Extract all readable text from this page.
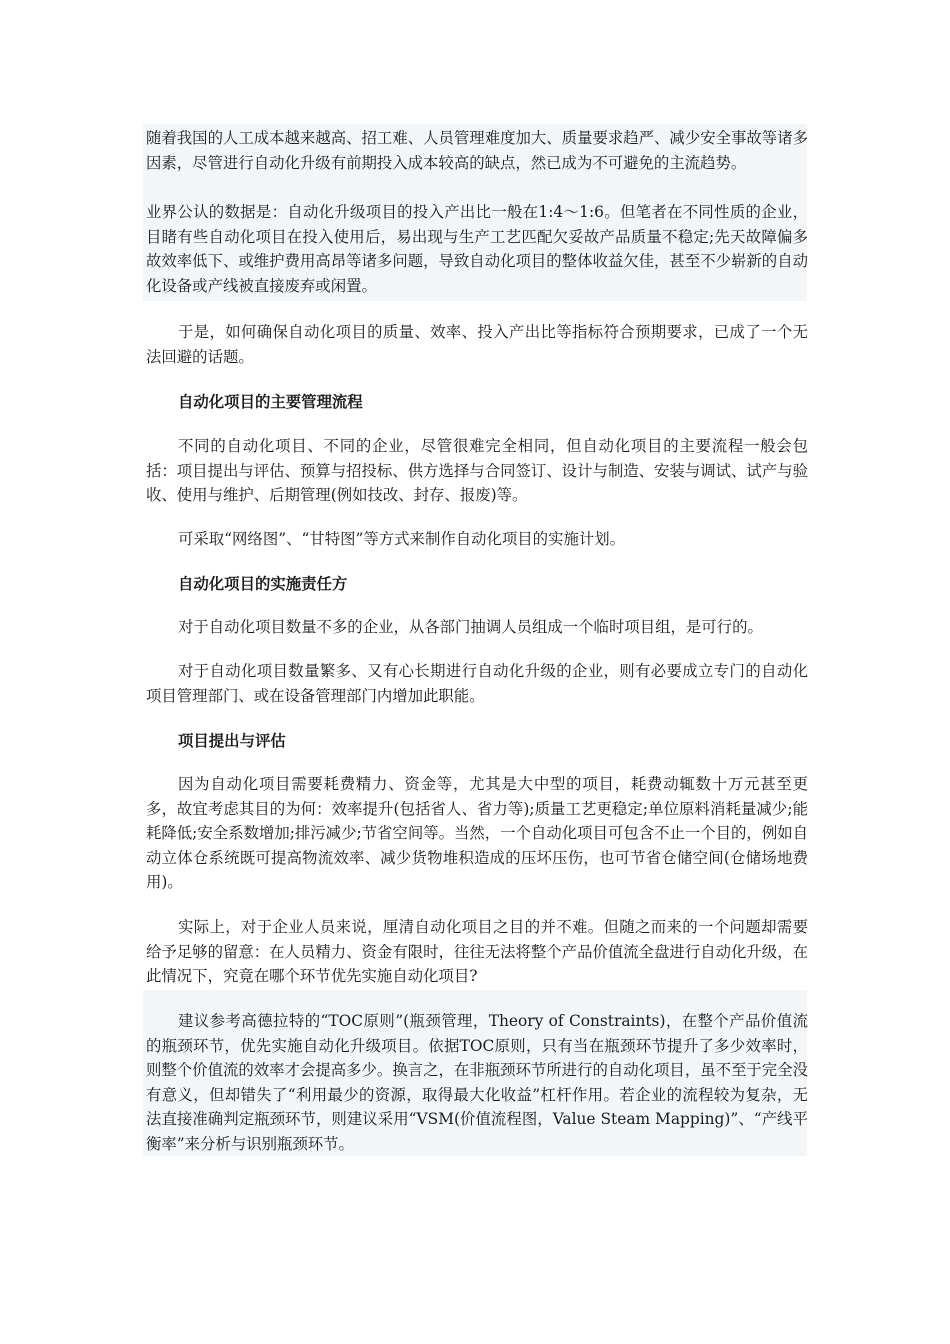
随着我国的人工成本越来越高、招工难、人员管理难度加大、质量要求趋严、减少安全事故等诸多因素，尽管进行自动化升级有前期投入成本较高的缺点，然已成为不可避免的主流趋势。

业界公认的数据是：自动化升级项目的投入产出比一般在1:4～1:6。但笔者在不同性质的企业，目睹有些自动化项目在投入使用后，易出现与生产工艺匹配欠妥故产品质量不稳定;先天故障偏多故效率低下、或维护费用高昂等诸多问题，导致自动化项目的整体收益欠佳，甚至不少崭新的自动化设备或产线被直接废弃或闲置。

于是，如何确保自动化项目的质量、效率、投入产出比等指标符合预期要求，已成了一个无法回避的话题。

自动化项目的主要管理流程

不同的自动化项目、不同的企业，尽管很难完全相同，但自动化项目的主要流程一般会包括：项目提出与评估、预算与招投标、供方选择与合同签订、设计与制造、安装与调试、试产与验收、使用与维护、后期管理(例如技改、封存、报废)等。

可采取“网络图”、“甘特图”等方式来制作自动化项目的实施计划。

自动化项目的实施责任方

对于自动化项目数量不多的企业，从各部门抽调人员组成一个临时项目组，是可行的。

对于自动化项目数量繁多、又有心长期进行自动化升级的企业，则有必要成立专门的自动化项目管理部门、或在设备管理部门内增加此职能。

项目提出与评估

因为自动化项目需要耗费精力、资金等，尤其是大中型的项目，耗费动辄数十万元甚至更多，故宜考虑其目的为何：效率提升(包括省人、省力等);质量工艺更稳定;单位原料消耗量减少;能耗降低;安全系数增加;排污减少;节省空间等。当然，一个自动化项目可包含不止一个目的，例如自动立体仓系统既可提高物流效率、减少货物堆积造成的压坏压伤，也可节省仓储空间(仓储场地费用)。

实际上，对于企业人员来说，厘清自动化项目之目的并不难。但随之而来的一个问题却需要给予足够的留意：在人员精力、资金有限时，往往无法将整个产品价值流全盘进行自动化升级，在此情况下，究竟在哪个环节优先实施自动化项目?

建议参考高德拉特的“TOC原则”(瓶颈管理，Theory of Constraints)，在整个产品价值流的瓶颈环节，优先实施自动化升级项目。依据TOC原则，只有当在瓶颈环节提升了多少效率时，则整个价值流的效率才会提高多少。换言之，在非瓶颈环节所进行的自动化项目，虽不至于完全没有意义，但却错失了“利用最少的资源，取得最大化收益”杠杆作用。若企业的流程较为复杂，无法直接准确判定瓶颈环节，则建议采用“VSM(价值流程图，Value Steam Mapping)”、“产线平衡率”来分析与识别瓶颈环节。
